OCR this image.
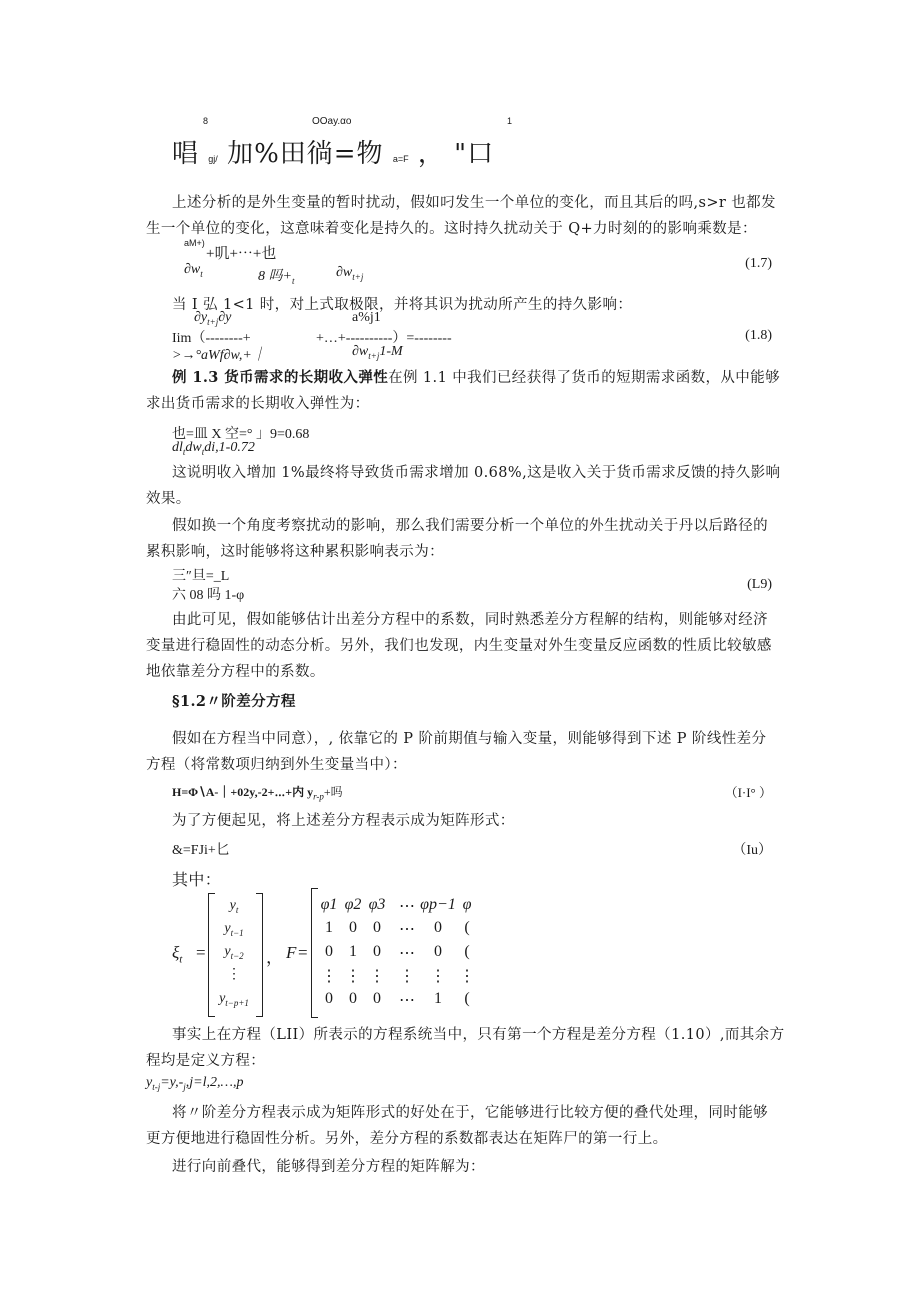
8	OOay.αo	1
唱 gj/ 加%田徜=物 a=F ， "口
上述分析的是外生变量的暂时扰动，假如叼发生一个单位的变化，而且其后的吗,s>r 也都发
生一个单位的变化，这意味着变化是持久的。这时持久扰动关于 Q+力时刻的的影响乘数是：
aM+)
+叽+⋯+也
$\partial w_t$	8 吗$+_t$
$\partial w_{t+j}$
(1.7)
当 I 弘 1<1 时，对上式取极限，并将其识为扰动所产生的持久影响：
$\partial y_{t+j}\partial y$	a%j1
Iim（--------+	+…+----------）=--------
>→°aWf∂w,+｜	$\partial w_{t+j}1-M$
(1.8)
例 1.3 货币需求的长期收入弹性在例 1.1 中我们已经获得了货币的短期需求函数，从中能够
求出货币需求的长期收入弹性为：
也=皿 X 空=° 」9=0.68
$dl_tdw_tdi,1-0.72$
这说明收入增加 1%最终将导致货币需求增加 0.68%,这是收入关于货币需求反馈的持久影响
效果。
假如换一个角度考察扰动的影响，那么我们需要分析一个单位的外生扰动关于丹以后路径的
累积影响，这时能够将这种累积影响表示为：
三″旦=_L
六 08 吗 1-φ
(L9)
由此可见，假如能够估计出差分方程中的系数，同时熟悉差分方程解的结构，则能够对经济
变量进行稳固性的动态分析。另外，我们也发现，内生变量对外生变量反应函数的性质比较敏感
地依靠差分方程中的系数。
§1.2〃阶差分方程
假如在方程当中同意），, 依靠它的 P 阶前期值与输入变量，则能够得到下述 P 阶线性差分
方程（将常数项归纳到外生变量当中）：
H=Φ∖A-｜+02y,-2+⋯+内 $y_{r-p}+$吗	（I·I° ）
为了方便起见，将上述差分方程表示成为矩阵形式：
&=FJi+匕	（Iu）
其中：
$\xi_t$ =
$y_t$
$y_{t-1}$
$y_{t-2}$
⋮
$y_{t-p+1}$
， F =
φ1 φ2 φ3 ⋯ φp−1 φ
1	0	0	⋯	0	(
0	1	0	⋯	0	(
⋮ ⋮ ⋮ ⋮ ⋮ ⋮
0	0	0	⋯	1	(
事实上在方程（LII）所表示的方程系统当中，只有第一个方程是差分方程（1.10）,而其余方
程均是定义方程：
$y_{t-j}=y,-_j,j=l,2,\dots,p$
将〃阶差分方程表示成为矩阵形式的好处在于，它能够进行比较方便的叠代处理，同时能够
更方便地进行稳固性分析。另外，差分方程的系数都表达在矩阵尸的第一行上。
进行向前叠代，能够得到差分方程的矩阵解为：
